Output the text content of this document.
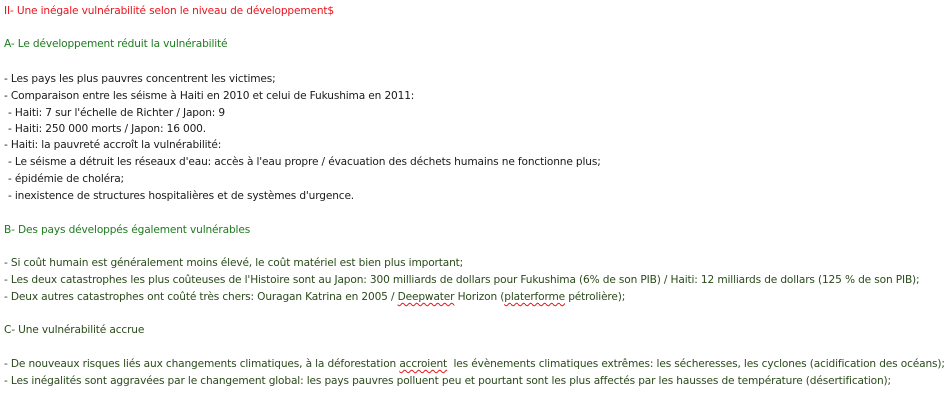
II- Une inégale vulnérabilité selon le niveau de développement$
A- Le développement réduit la vulnérabilité
- Les pays les plus pauvres concentrent les victimes;
- Comparaison entre les séisme à Haiti en 2010 et celui de Fukushima en 2011:
- Haiti: 7 sur l'échelle de Richter / Japon: 9
- Haiti: 250 000 morts / Japon: 16 000.
- Haiti: la pauvreté accroît la vulnérabilité:
- Le séisme a détruit les réseaux d'eau: accès à l'eau propre / évacuation des déchets humains ne fonctionne plus;
- épidémie de choléra;
- inexistence de structures hospitalières et de systèmes d'urgence.
B- Des pays développés également vulnérables
- Si coût humain est généralement moins élevé, le coût matériel est bien plus important;
- Les deux catastrophes les plus coûteuses de l'Histoire sont au Japon: 300 milliards de dollars pour Fukushima (6% de son PIB) / Haiti: 12 milliards de dollars (125 % de son PIB);
- Deux autres catastrophes ont coûté très chers: Ouragan Katrina en 2005 / Deepwater Horizon (platerforme pétrolière);
C- Une vulnérabilité accrue
- De nouveaux risques liés aux changements climatiques, à la déforestation accroient  les évènements climatiques extrêmes: les sécheresses, les cyclones (acidification des océans);
- Les inégalités sont aggravées par le changement global: les pays pauvres polluent peu et pourtant sont les plus affectés par les hausses de température (désertification);
